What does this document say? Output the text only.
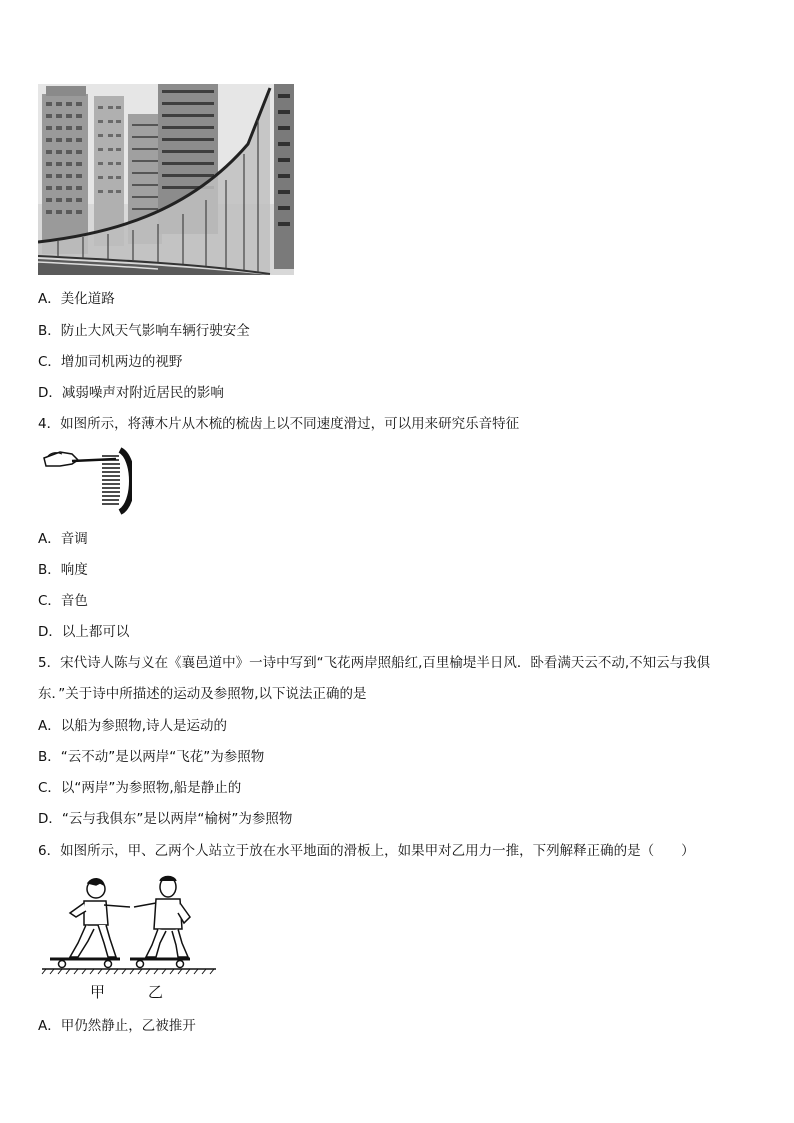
A．美化道路
B．防止大风天气影响车辆行驶安全
C．增加司机两边的视野
D．减弱噪声对附近居民的影响
4．如图所示，将薄木片从木梳的梳齿上以不同速度滑过，可以用来研究乐音特征
A．音调
B．响度
C．音色
D．以上都可以
5．宋代诗人陈与义在《襄邑道中》一诗中写到“飞花两岸照船红,百里榆堤半日风．卧看满天云不动,不知云与我俱
东．”关于诗中所描述的运动及参照物,以下说法正确的是
A．以船为参照物,诗人是运动的
B．“云不动”是以两岸“飞花”为参照物
C．以“两岸”为参照物,船是静止的
D．“云与我俱东”是以两岸“榆树”为参照物
6．如图所示，甲、乙两个人站立于放在水平地面的滑板上，如果甲对乙用力一推，下列解释正确的是（　　）
甲	乙
A．甲仍然静止，乙被推开
